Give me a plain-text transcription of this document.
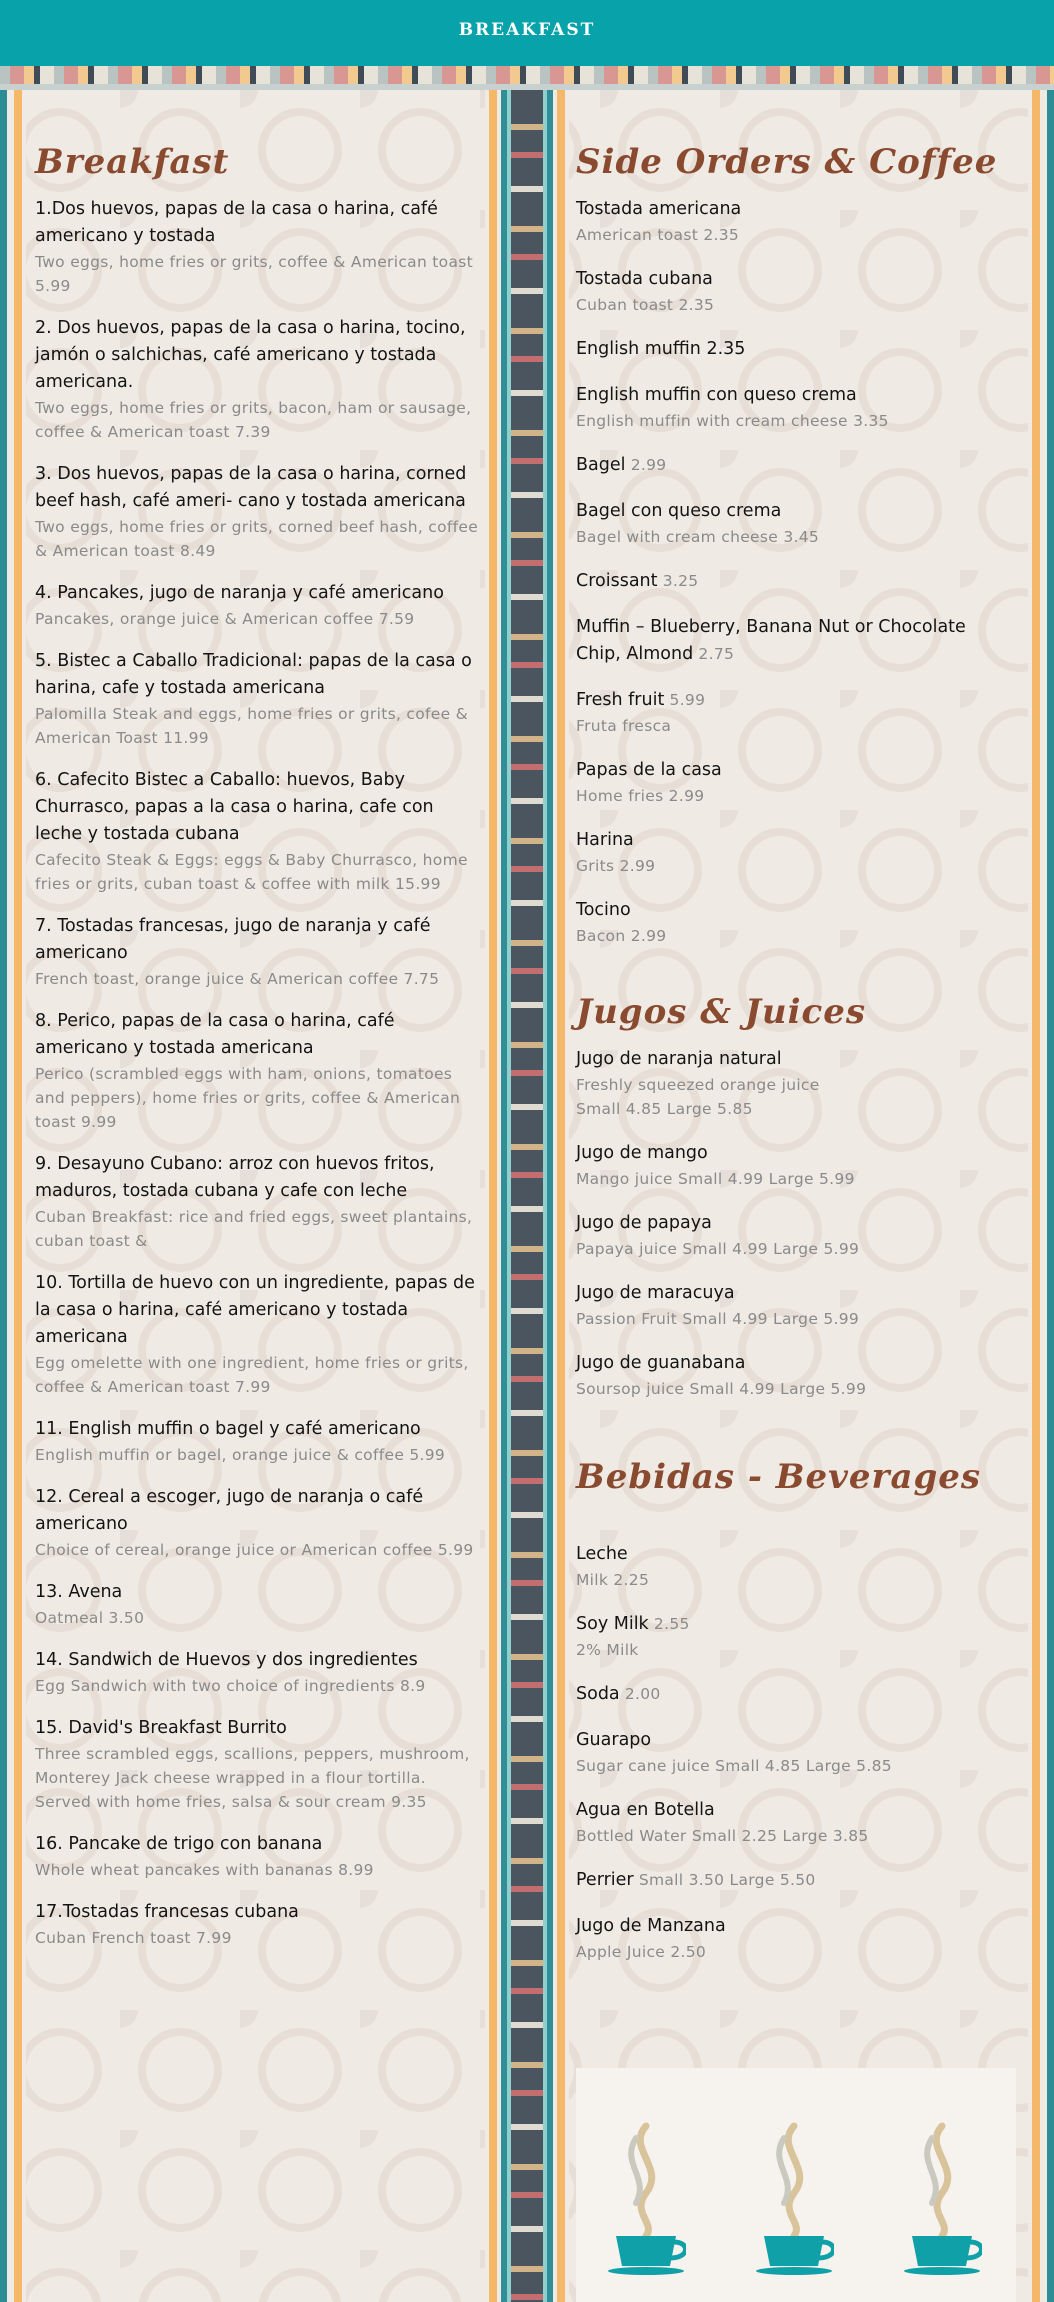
BREAKFAST
Breakfast
1.Dos huevos, papas de la casa o harina, café americano y tostada
Two eggs, home fries or grits, coffee & American toast 5.99
2. Dos huevos, papas de la casa o harina, tocino, jamón o salchichas, café americano y tostada americana.
Two eggs, home fries or grits, bacon, ham or sausage, coffee & American toast 7.39
3. Dos huevos, papas de la casa o harina, corned beef hash, café ameri- cano y tostada americana
Two eggs, home fries or grits, corned beef hash, coffee & American toast 8.49
4. Pancakes, jugo de naranja y café americano
Pancakes, orange juice & American coffee 7.59
5. Bistec a Caballo Tradicional: papas de la casa o harina, cafe y tostada americana
Palomilla Steak and eggs, home fries or grits, cofee & American Toast 11.99
6. Cafecito Bistec a Caballo: huevos, Baby Churrasco, papas a la casa o harina, cafe con leche y tostada cubana
Cafecito Steak & Eggs: eggs & Baby Churrasco, home fries or grits, cuban toast & coffee with milk 15.99
7. Tostadas francesas, jugo de naranja y café americano
French toast, orange juice & American coffee 7.75
8. Perico, papas de la casa o harina, café americano y tostada americana
Perico (scrambled eggs with ham, onions, tomatoes and peppers), home fries or grits, coffee & American toast 9.99
9. Desayuno Cubano: arroz con huevos fritos, maduros, tostada cubana y cafe con leche
Cuban Breakfast: rice and fried eggs, sweet plantains, cuban toast &
10. Tortilla de huevo con un ingrediente, papas de la casa o harina, café americano y tostada americana
Egg omelette with one ingredient, home fries or grits, coffee & American toast 7.99
11. English muffin o bagel y café americano
English muffin or bagel, orange juice & coffee 5.99
12. Cereal a escoger, jugo de naranja o café americano
Choice of cereal, orange juice or American coffee 5.99
13. Avena
Oatmeal 3.50
14. Sandwich de Huevos y dos ingredientes
Egg Sandwich with two choice of ingredients 8.9
15. David's Breakfast Burrito
Three scrambled eggs, scallions, peppers, mushroom, Monterey Jack cheese wrapped in a flour tortilla. Served with home fries, salsa & sour cream 9.35
16. Pancake de trigo con banana
Whole wheat pancakes with bananas 8.99
17.Tostadas francesas cubana
Cuban French toast 7.99
Side Orders & Coffee
Tostada americana
American toast 2.35
Tostada cubana
Cuban toast 2.35
English muffin 2.35
English muffin con queso crema
English muffin with cream cheese 3.35
Bagel 2.99
Bagel con queso crema
Bagel with cream cheese 3.45
Croissant 3.25
Muffin – Blueberry, Banana Nut or Chocolate Chip, Almond 2.75
Fresh fruit 5.99
Fruta fresca
Papas de la casa
Home fries 2.99
Harina
Grits 2.99
Tocino
Bacon 2.99
Jugos & Juices
Jugo de naranja natural
Freshly squeezed orange juice
Small 4.85 Large 5.85
Jugo de mango
Mango juice Small 4.99 Large 5.99
Jugo de papaya
Papaya juice Small 4.99 Large 5.99
Jugo de maracuya
Passion Fruit Small 4.99 Large 5.99
Jugo de guanabana
Soursop juice Small 4.99 Large 5.99
Bebidas - Beverages
Leche
Milk 2.25
Soy Milk 2.55
2% Milk
Soda 2.00
Guarapo
Sugar cane juice Small 4.85 Large 5.85
Agua en Botella
Bottled Water Small 2.25 Large 3.85
Perrier Small 3.50 Large 5.50
Jugo de Manzana
Apple Juice 2.50
